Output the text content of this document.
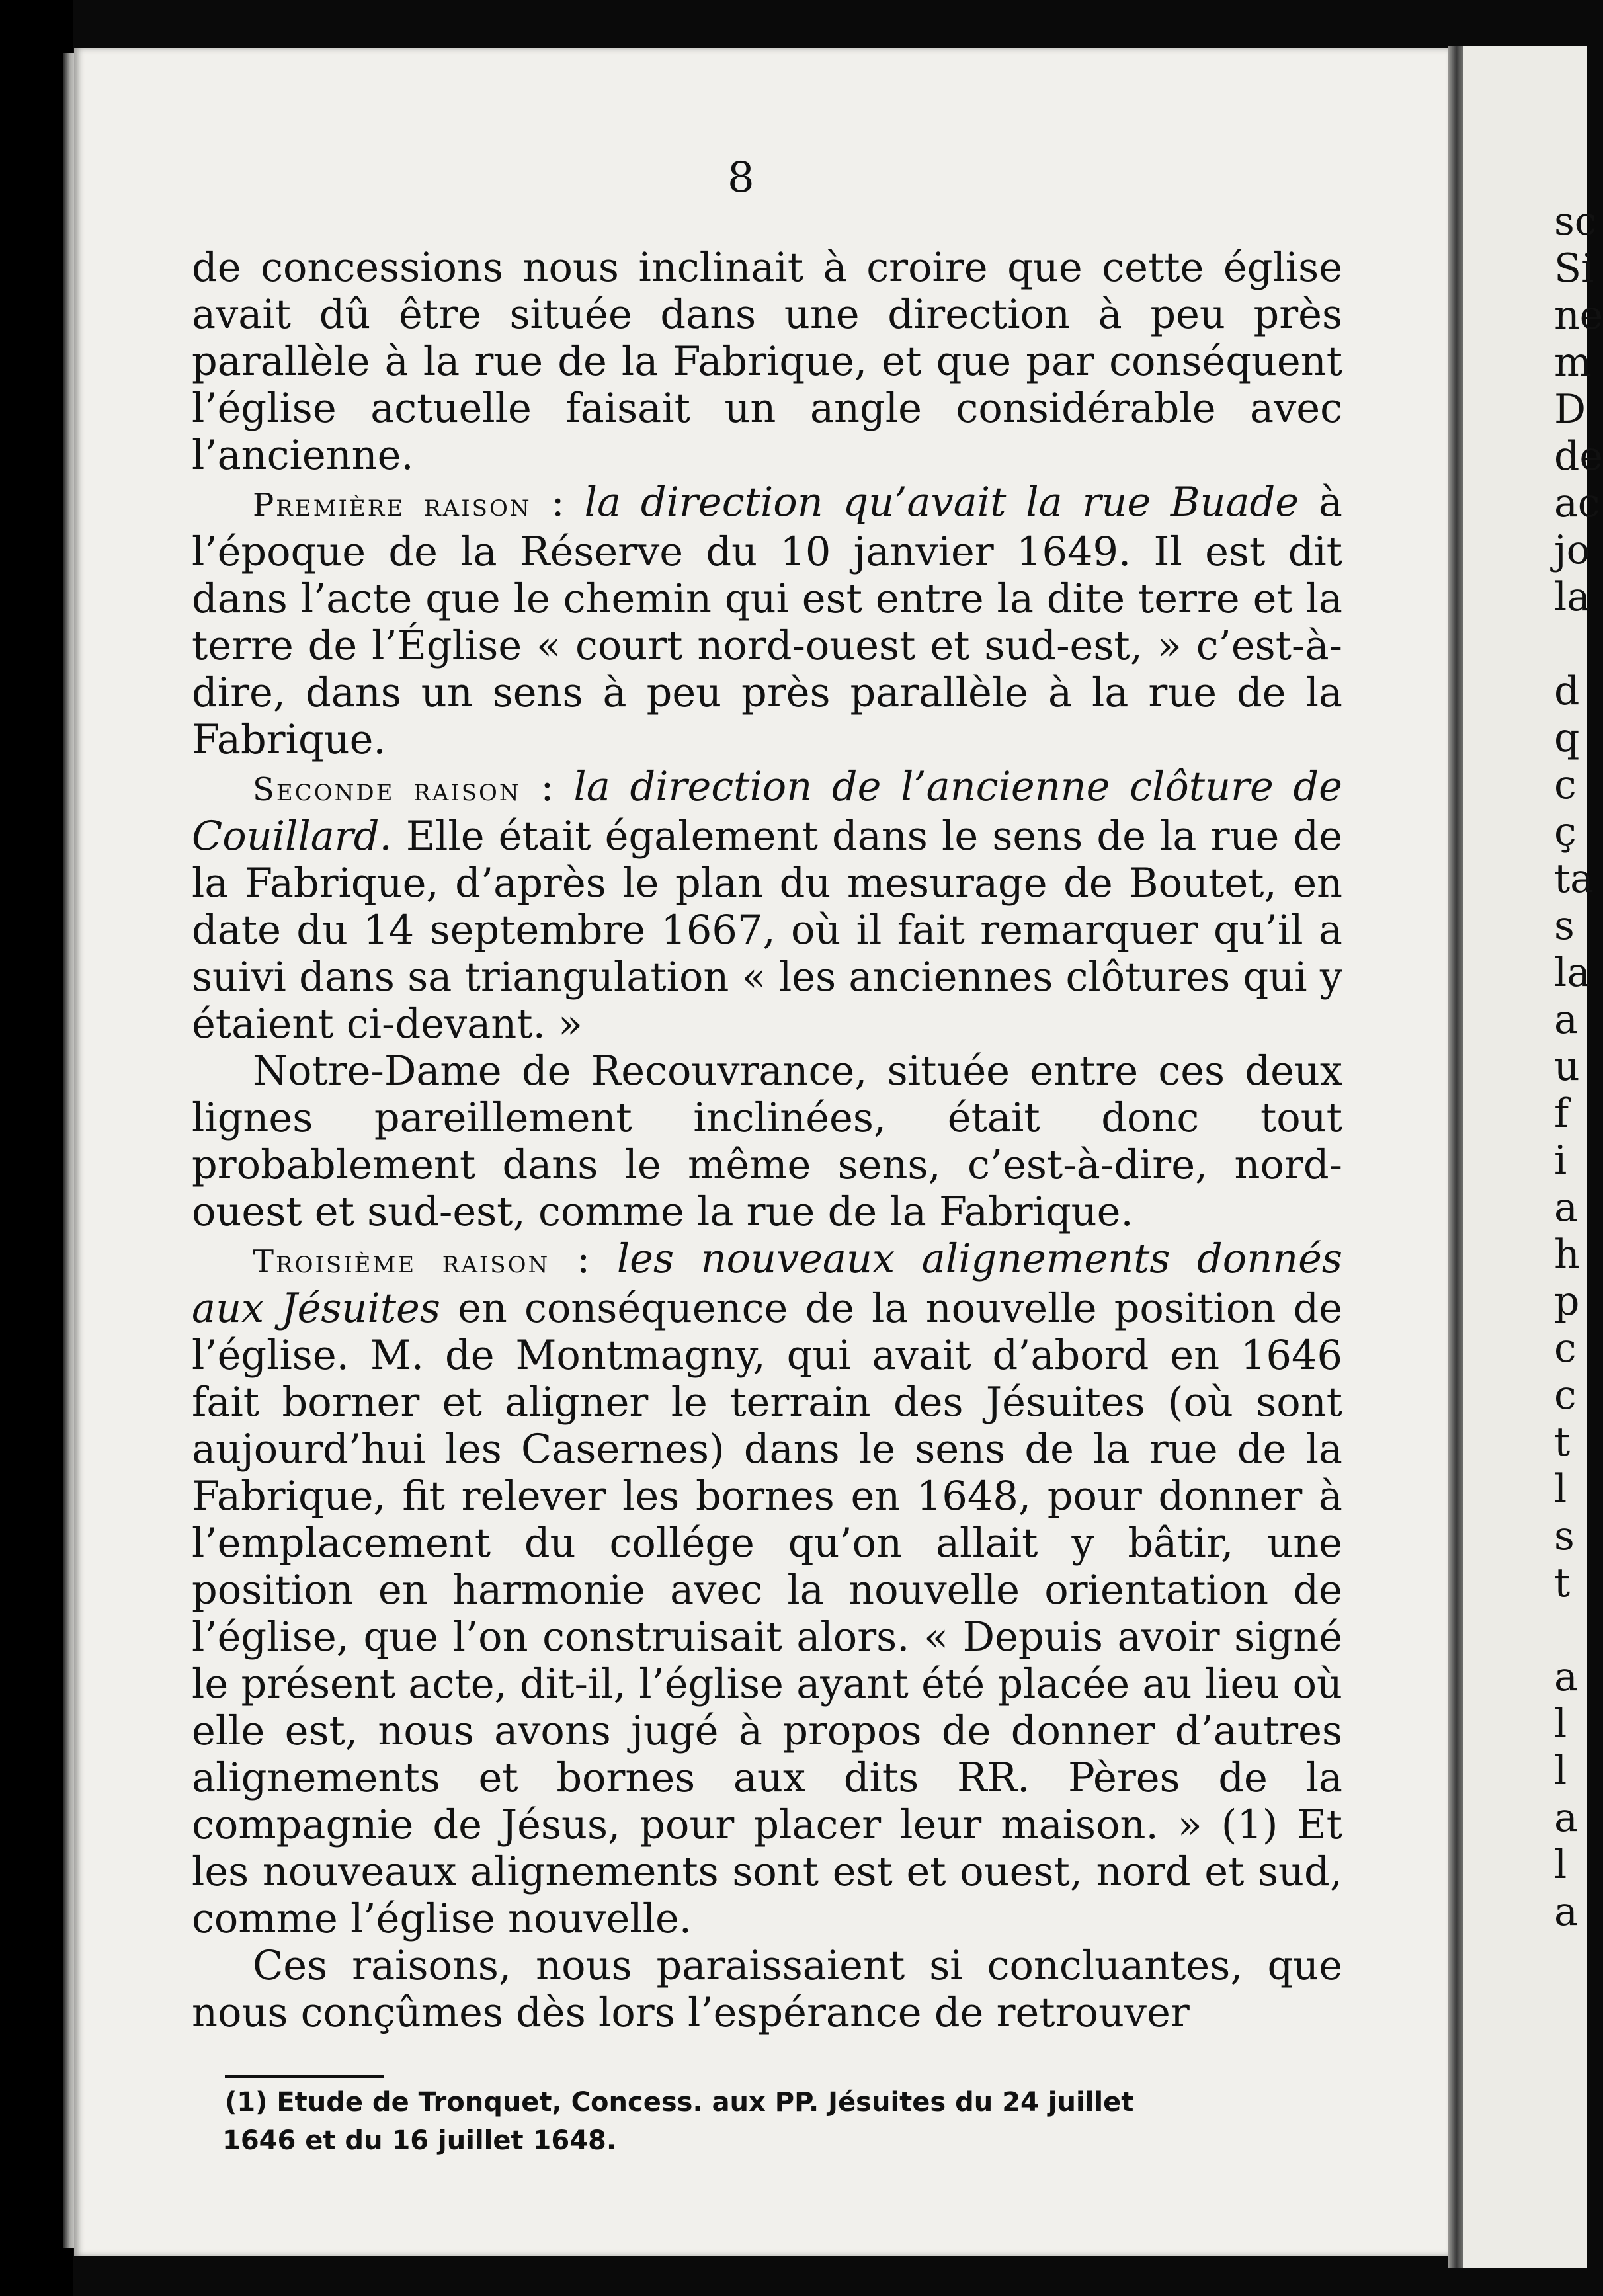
8

de concessions nous inclinait à croire que cette église avait dû être située dans une direction à peu près parallèle à la rue de la Fabrique, et que par conséquent l’église actuelle faisait un angle considérable avec l’ancienne.

Première raison : la direction qu’avait la rue Buade à l’époque de la Réserve du 10 janvier 1649. Il est dit dans l’acte que le chemin qui est entre la dite terre et la terre de l’Église « court nord-ouest et sud-est, » c’est-à-dire, dans un sens à peu près parallèle à la rue de la Fabrique.

Seconde raison : la direction de l’ancienne clôture de Couillard. Elle était également dans le sens de la rue de la Fabrique, d’après le plan du mesurage de Boutet, en date du 14 septembre 1667, où il fait remarquer qu’il a suivi dans sa triangulation « les anciennes clôtures qui y étaient ci-devant. »

Notre-Dame de Recouvrance, située entre ces deux lignes pareillement inclinées, était donc tout probablement dans le même sens, c’est-à-dire, nord-ouest et sud-est, comme la rue de la Fabrique.

Troisième raison : les nouveaux alignements donnés aux Jésuites en conséquence de la nouvelle position de l’église. M. de Montmagny, qui avait d’abord en 1646 fait borner et aligner le terrain des Jésuites (où sont aujourd’hui les Casernes) dans le sens de la rue de la Fabrique, fit relever les bornes en 1648, pour donner à l’emplacement du collége qu’on allait y bâtir, une position en harmonie avec la nouvelle orientation de l’église, que l’on construisait alors. « Depuis avoir signé le présent acte, dit-il, l’église ayant été placée au lieu où elle est, nous avons jugé à propos de donner d’autres alignements et bornes aux dits RR. Pères de la compagnie de Jésus, pour placer leur maison. » (1) Et les nouveaux alignements sont est et ouest, nord et sud, comme l’église nouvelle.

Ces raisons, nous paraissaient si concluantes, que nous conçûmes dès lors l’espérance de retrouver

(1) Etude de Tronquet, Concess. aux PP. Jésuites du 24 juillet
1646 et du 16 juillet 1648.
sc
Si
ne
m
D
de
ac
jo
la
d
q
c
ç
ta
s
la
a
u
f
i
a
h
p
c
c
t
l
s
t
a
l
l
a
l
a
